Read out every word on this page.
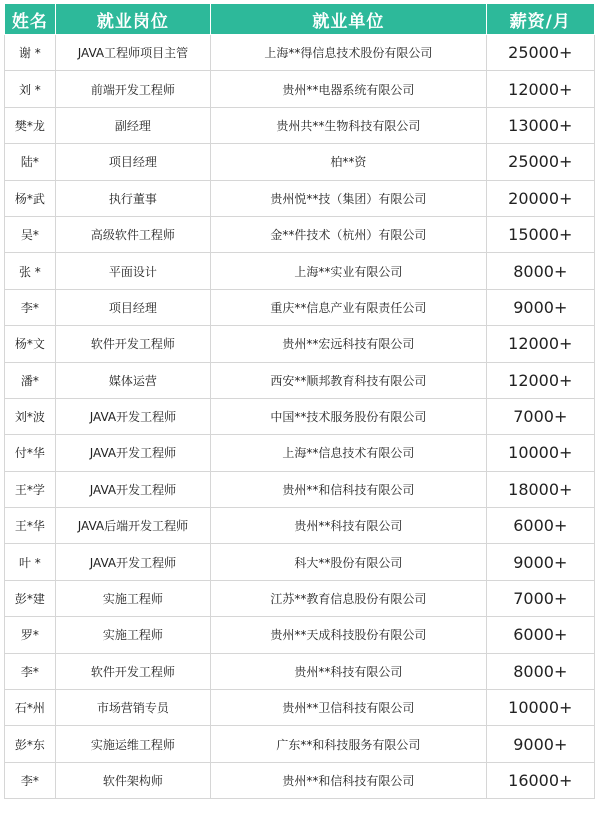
姓名	就业岗位	就业单位	薪资/月
谢 *	JAVA工程师项目主管	上海**得信息技术股份有限公司	25000+
刘 *	前端开发工程师	贵州**电器系统有限公司	12000+
樊*龙	副经理	贵州共**生物科技有限公司	13000+
陆*	项目经理	柏**资	25000+
杨*武	执行董事	贵州悦**技（集团）有限公司	20000+
吴*	高级软件工程师	金**件技术（杭州）有限公司	15000+
张 *	平面设计	上海**实业有限公司	8000+
李*	项目经理	重庆**信息产业有限责任公司	9000+
杨*文	软件开发工程师	贵州**宏远科技有限公司	12000+
潘*	媒体运营	西安**顺邦教育科技有限公司	12000+
刘*波	JAVA开发工程师	中国**技术服务股份有限公司	7000+
付*华	JAVA开发工程师	上海**信息技术有限公司	10000+
王*学	JAVA开发工程师	贵州**和信科技有限公司	18000+
王*华	JAVA后端开发工程师	贵州**科技有限公司	6000+
叶 *	JAVA开发工程师	科大**股份有限公司	9000+
彭*建	实施工程师	江苏**教育信息股份有限公司	7000+
罗*	实施工程师	贵州**天成科技股份有限公司	6000+
李*	软件开发工程师	贵州**科技有限公司	8000+
石*州	市场营销专员	贵州**卫信科技有限公司	10000+
彭*东	实施运维工程师	广东**和科技服务有限公司	9000+
李*	软件架构师	贵州**和信科技有限公司	16000+
